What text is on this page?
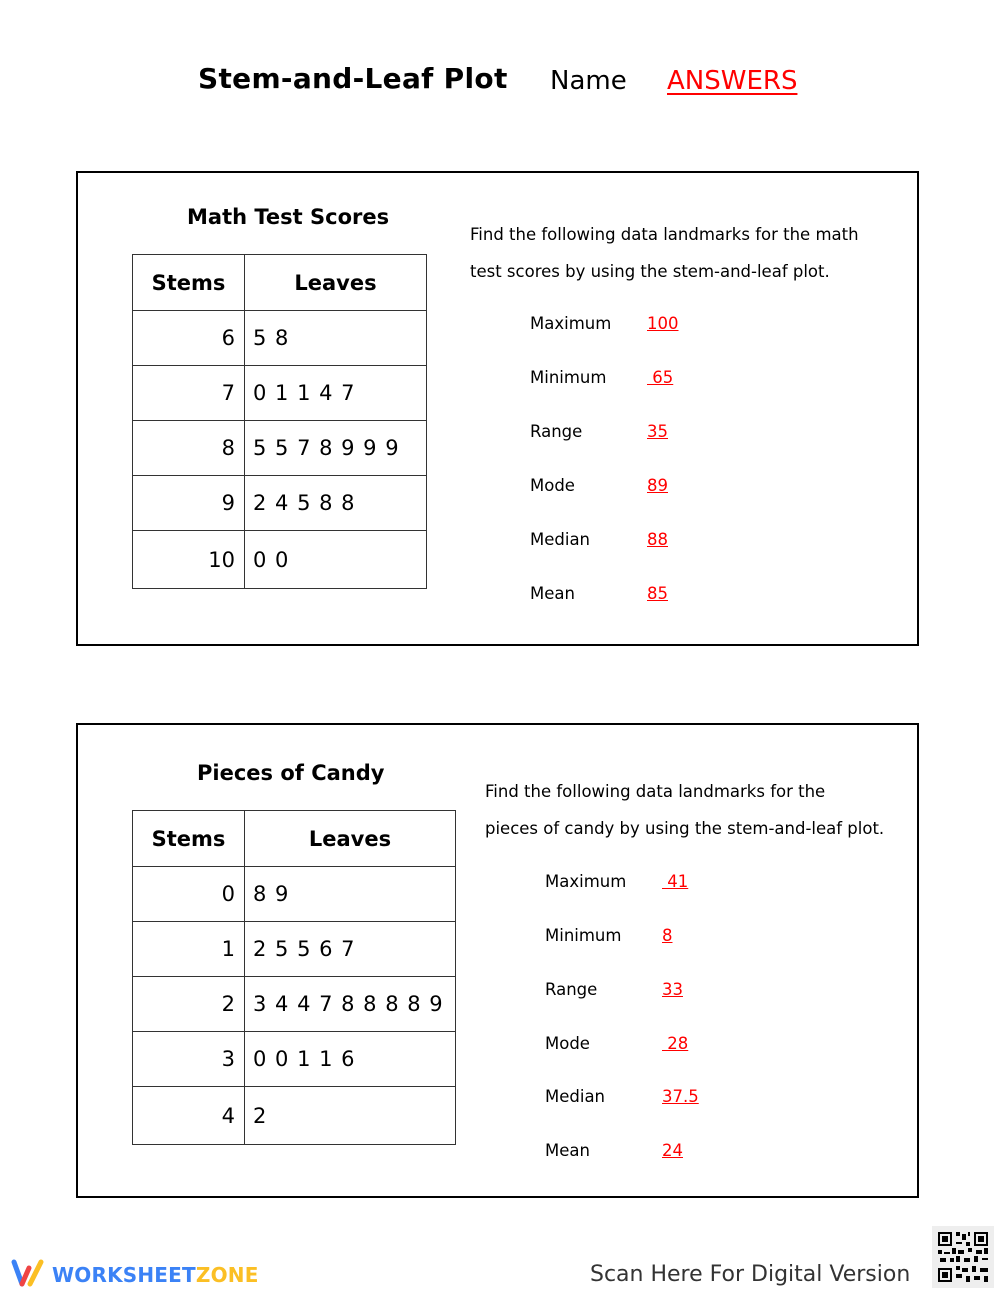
Stem-and-Leaf Plot Name ANSWERS
Math Test Scores
Stems	Leaves
6	5 8
7	0 1 1 4 7
8	5 5 7 8 9 9 9
9	2 4 5 8 8
10	0 0
Find the following data landmarks for the math
test scores by using the stem-and-leaf plot.
Maximum 100
Minimum 65
Range	35
Mode	89
Median	88
Mean	85
Pieces of Candy
Stems	Leaves
0	8 9
1	2 5 5 6 7
2	3 4 4 7 8 8 8 8 9
3	0 0 1 1 6
4	2
Find the following data landmarks for the
pieces of candy by using the stem-and-leaf plot.
Maximum 41
Minimum 8
Range	33
Mode	28
Median	37.5
Mean	24
WORKSHEETZONE	Scan Here For Digital Version
